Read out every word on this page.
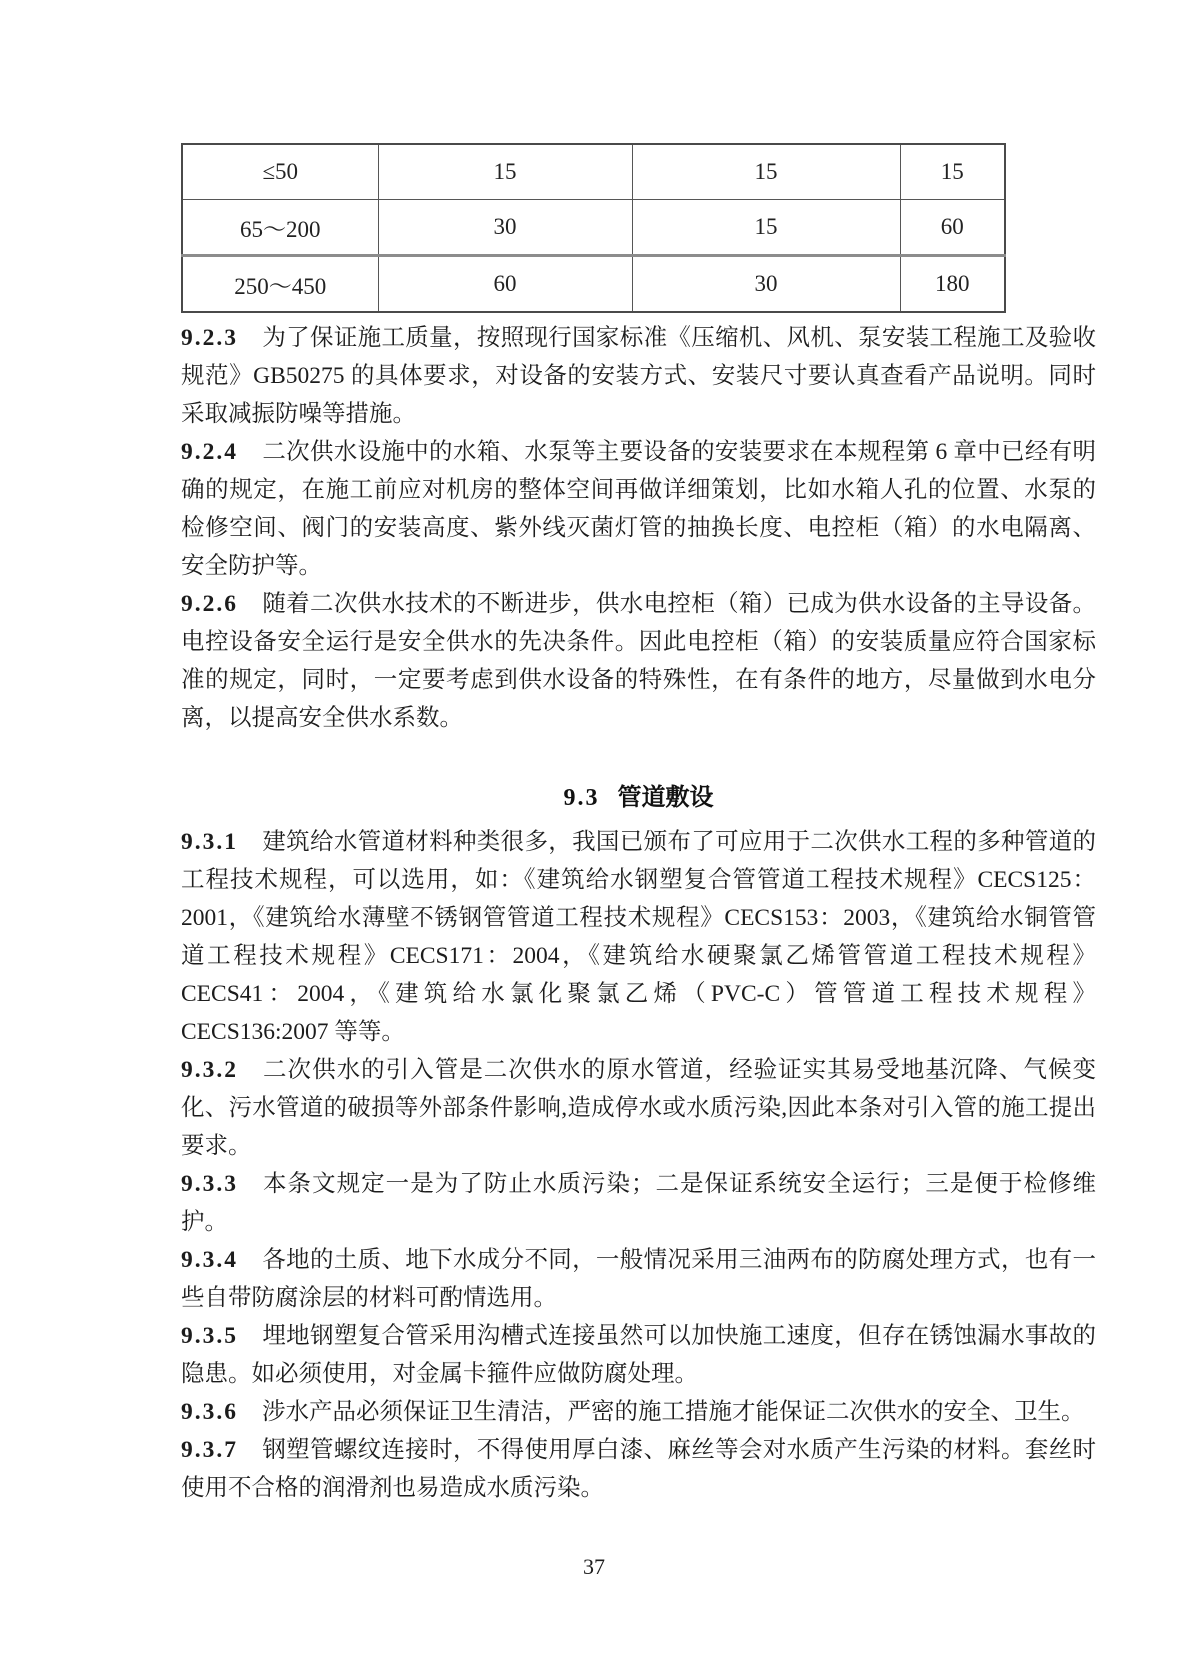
≤50	15	15	15
65～200	30	15	60
250～450	60	30	180

9.2.3 为了保证施工质量，按照现行国家标准《压缩机、风机、泵安装工程施工及验收规范》GB50275 的具体要求，对设备的安装方式、安装尺寸要认真查看产品说明。同时采取减振防噪等措施。

9.2.4 二次供水设施中的水箱、水泵等主要设备的安装要求在本规程第 6 章中已经有明确的规定，在施工前应对机房的整体空间再做详细策划，比如水箱人孔的位置、水泵的检修空间、阀门的安装高度、紫外线灭菌灯管的抽换长度、电控柜（箱）的水电隔离、安全防护等。

9.2.6 随着二次供水技术的不断进步，供水电控柜（箱）已成为供水设备的主导设备。电控设备安全运行是安全供水的先决条件。因此电控柜（箱）的安装质量应符合国家标准的规定，同时，一定要考虑到供水设备的特殊性，在有条件的地方，尽量做到水电分离，以提高安全供水系数。

9.3 管道敷设

9.3.1 建筑给水管道材料种类很多，我国已颁布了可应用于二次供水工程的多种管道的工程技术规程，可以选用，如：《建筑给水钢塑复合管管道工程技术规程》CECS125：2001，《建筑给水薄壁不锈钢管管道工程技术规程》CECS153：2003，《建筑给水铜管管道工程技术规程》CECS171：2004，《建筑给水硬聚氯乙烯管管道工程技术规程》CECS41：2004，《建筑给水氯化聚氯乙烯（PVC-C）管管道工程技术规程》CECS136:2007 等等。

9.3.2 二次供水的引入管是二次供水的原水管道，经验证实其易受地基沉降、气候变化、污水管道的破损等外部条件影响,造成停水或水质污染,因此本条对引入管的施工提出要求。

9.3.3 本条文规定一是为了防止水质污染；二是保证系统安全运行；三是便于检修维护。

9.3.4 各地的土质、地下水成分不同，一般情况采用三油两布的防腐处理方式，也有一些自带防腐涂层的材料可酌情选用。

9.3.5 埋地钢塑复合管采用沟槽式连接虽然可以加快施工速度，但存在锈蚀漏水事故的隐患。如必须使用，对金属卡箍件应做防腐处理。

9.3.6 涉水产品必须保证卫生清洁，严密的施工措施才能保证二次供水的安全、卫生。

9.3.7 钢塑管螺纹连接时，不得使用厚白漆、麻丝等会对水质产生污染的材料。套丝时使用不合格的润滑剂也易造成水质污染。

37
